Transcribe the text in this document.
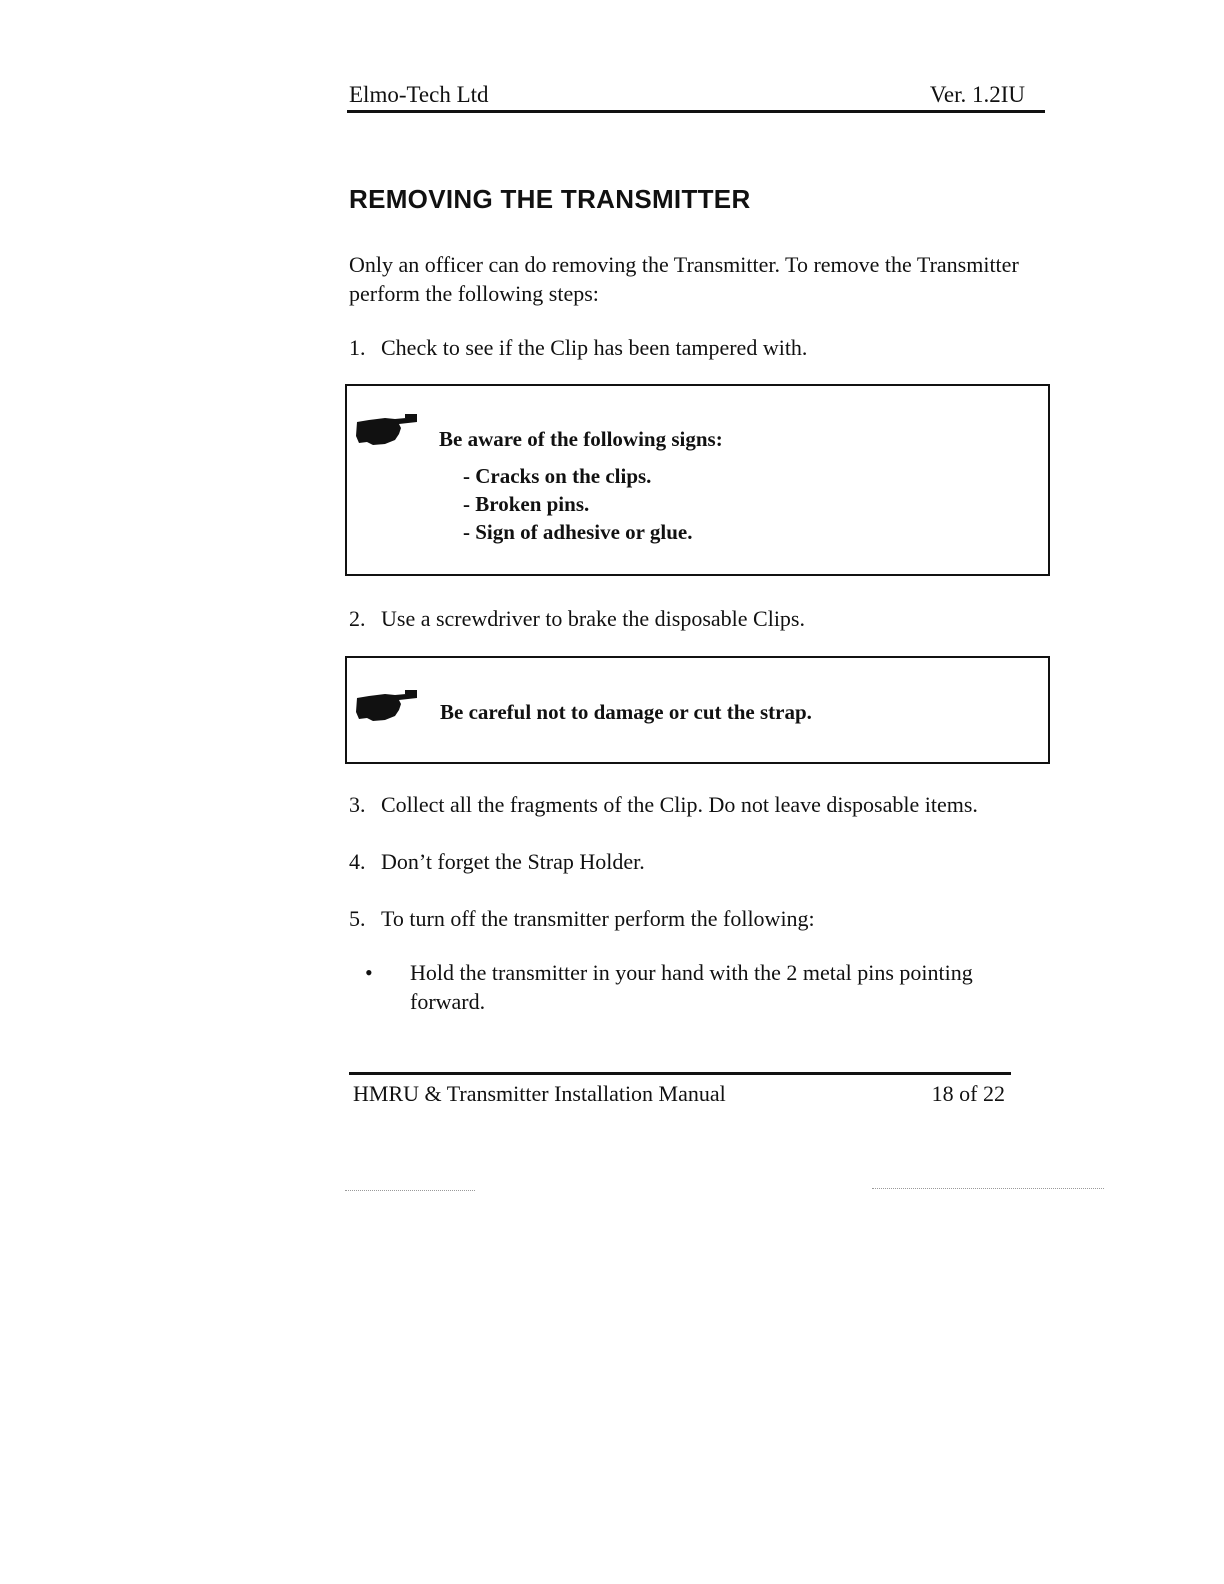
Elmo-Tech Ltd	Ver. 1.2IU
REMOVING THE TRANSMITTER
Only an officer can do removing the Transmitter. To remove the Transmitter perform the following steps:
1. Check to see if the Clip has been tampered with.
Be aware of the following signs:
- Cracks on the clips.
- Broken pins.
- Sign of adhesive or glue.
2. Use a screwdriver to brake the disposable Clips.
Be careful not to damage or cut the strap.
3. Collect all the fragments of the Clip. Do not leave disposable items.
4. Don’t forget the Strap Holder.
5. To turn off the transmitter perform the following:
• Hold the transmitter in your hand with the 2 metal pins pointing forward.
HMRU & Transmitter Installation Manual	18 of 22
